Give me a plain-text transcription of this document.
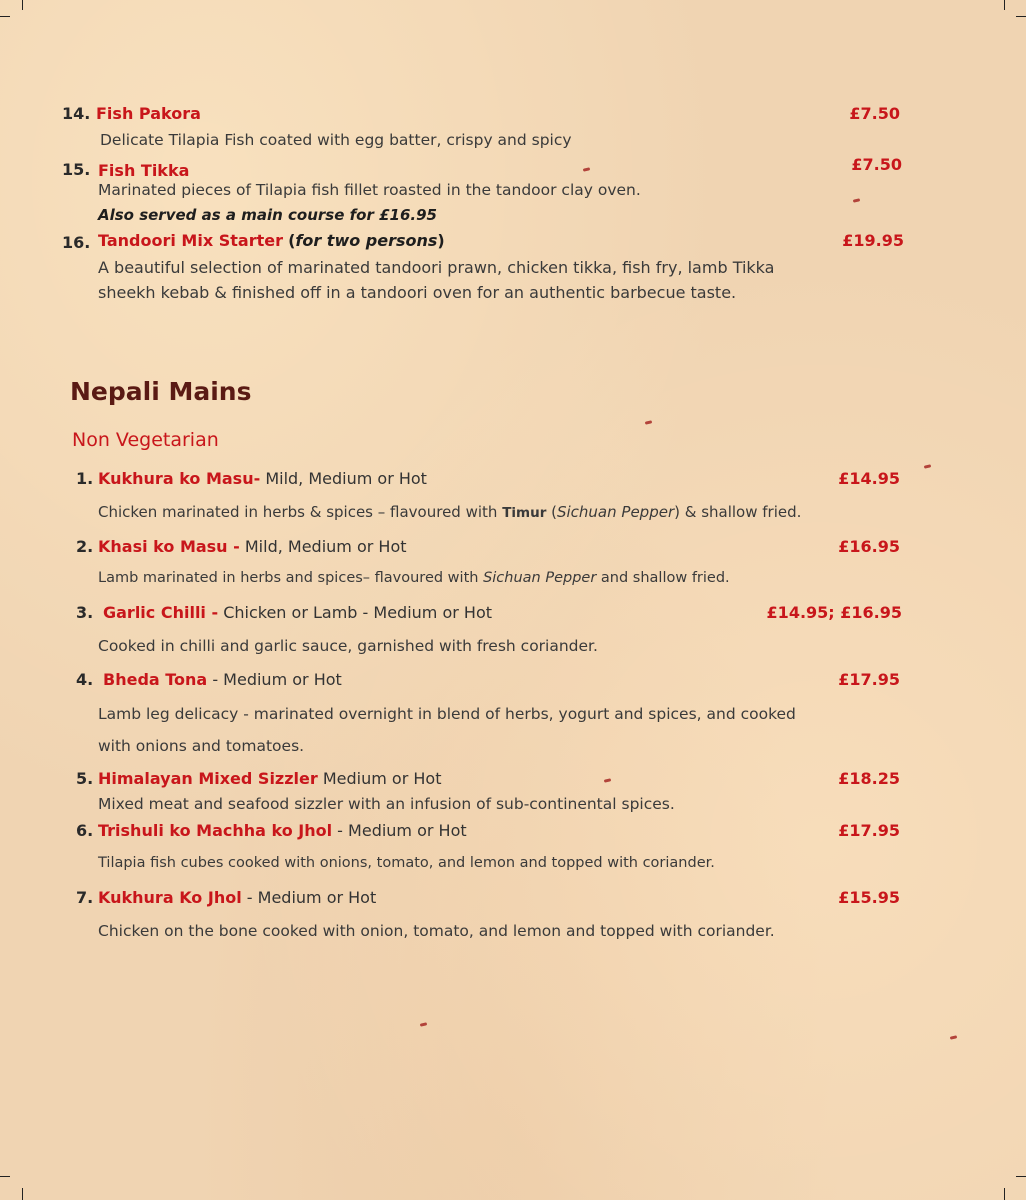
14. Fish Pakora	£7.50
Delicate Tilapia Fish coated with egg batter, crispy and spicy
15. Fish Tikka	£7.50
Marinated pieces of Tilapia fish fillet roasted in the tandoor clay oven.
Also served as a main course for £16.95
16. Tandoori Mix Starter (for two persons)	£19.95
A beautiful selection of marinated tandoori prawn, chicken tikka, fish fry, lamb Tikka
sheekh kebab & finished off in a tandoori oven for an authentic barbecue taste.
Nepali Mains
Non Vegetarian
1. Kukhura ko Masu- Mild, Medium or Hot	£14.95
Chicken marinated in herbs & spices – flavoured with Timur (Sichuan Pepper) & shallow fried.
2. Khasi ko Masu - Mild, Medium or Hot	£16.95
Lamb marinated in herbs and spices– flavoured with Sichuan Pepper and shallow fried.
3. Garlic Chilli - Chicken or Lamb - Medium or Hot	£14.95; £16.95
Cooked in chilli and garlic sauce, garnished with fresh coriander.
4. Bheda Tona - Medium or Hot	£17.95
Lamb leg delicacy - marinated overnight in blend of herbs, yogurt and spices, and cooked
with onions and tomatoes.
5. Himalayan Mixed Sizzler Medium or Hot	£18.25
Mixed meat and seafood sizzler with an infusion of sub-continental spices.
6. Trishuli ko Machha ko Jhol - Medium or Hot	£17.95
Tilapia fish cubes cooked with onions, tomato, and lemon and topped with coriander.
7. Kukhura Ko Jhol - Medium or Hot	£15.95
Chicken on the bone cooked with onion, tomato, and lemon and topped with coriander.
